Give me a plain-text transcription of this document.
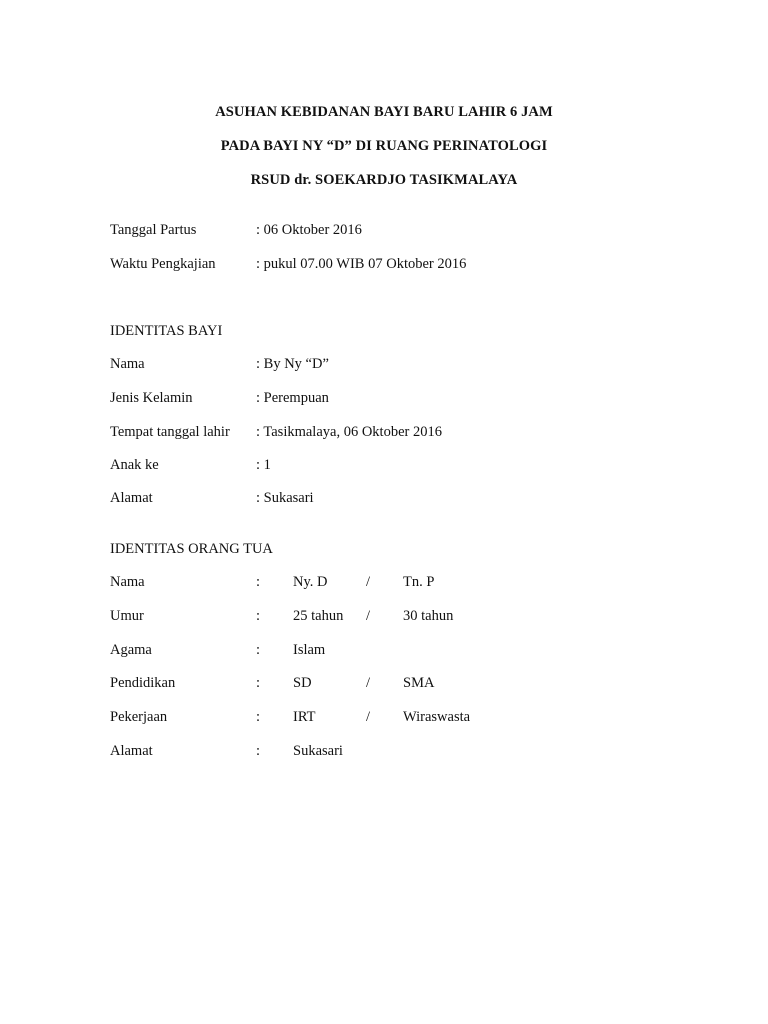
ASUHAN KEBIDANAN BAYI BARU LAHIR 6 JAM
PADA BAYI NY “D” DI RUANG PERINATOLOGI
RSUD dr. SOEKARDJO TASIKMALAYA
Tanggal Partus	: 06 Oktober 2016
Waktu Pengkajian	: pukul 07.00 WIB 07 Oktober 2016
IDENTITAS BAYI
Nama	: By Ny “D”
Jenis Kelamin	: Perempuan
Tempat tanggal lahir : Tasikmalaya, 06 Oktober 2016
Anak ke	: 1
Alamat	: Sukasari
IDENTITAS ORANG TUA
Nama	: Ny. D	/ Tn. P
Umur	: 25 tahun / 30 tahun
Agama	: Islam
Pendidikan	: SD	/ SMA
Pekerjaan	: IRT	/ Wiraswasta
Alamat	: Sukasari
